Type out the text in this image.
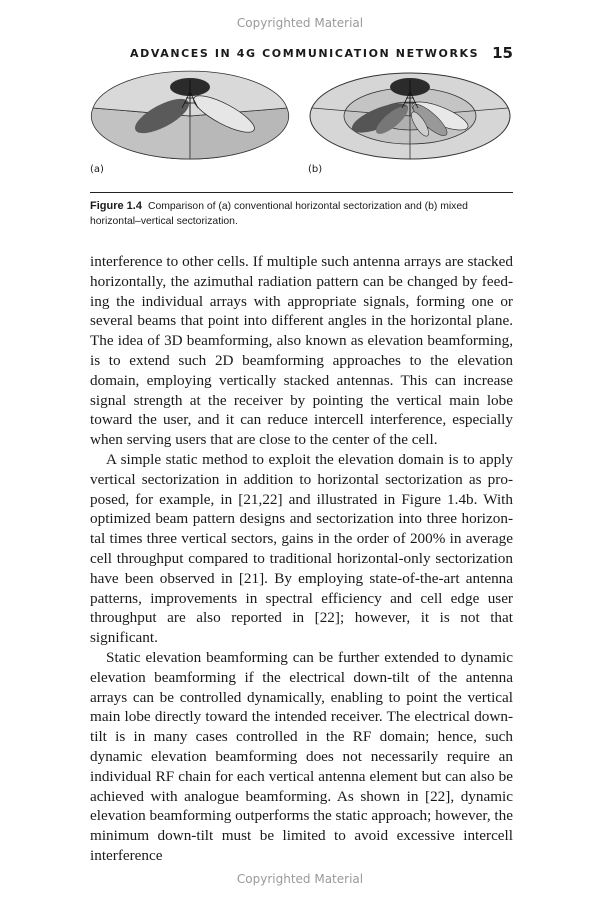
Copyrighted Material
ADVANCES IN 4G COMMUNICATION NETWORKS 15
(a)	(b)
Figure 1.4 Comparison of (a) conventional horizontal sectorization and (b) mixed horizontal–vertical sectorization.

interference to other cells. If multiple such antenna arrays are stacked horizontally, the azimuthal radiation pattern can be changed by feeding the individual arrays with appropriate signals, forming one or several beams that point into different angles in the horizontal plane. The idea of 3D beamforming, also known as elevation beamforming, is to extend such 2D beamforming approaches to the elevation domain, employing vertically stacked antennas. This can increase signal strength at the receiver by pointing the vertical main lobe toward the user, and it can reduce intercell interference, especially when serving users that are close to the center of the cell.

A simple static method to exploit the elevation domain is to apply vertical sectorization in addition to horizontal sectorization as proposed, for example, in [21,22] and illustrated in Figure 1.4b. With optimized beam pattern designs and sectorization into three horizontal times three vertical sectors, gains in the order of 200% in average cell throughput compared to traditional horizontal-only sectorization have been observed in [21]. By employing state-of-the-art antenna patterns, improvements in spectral efficiency and cell edge user throughput are also reported in [22]; however, it is not that significant.

Static elevation beamforming can be further extended to dynamic elevation beamforming if the electrical down-tilt of the antenna arrays can be controlled dynamically, enabling to point the vertical main lobe directly toward the intended receiver. The electrical down-tilt is in many cases controlled in the RF domain; hence, such dynamic elevation beamforming does not necessarily require an individual RF chain for each vertical antenna element but can also be achieved with analogue beamforming. As shown in [22], dynamic elevation beamforming outperforms the static approach; however, the minimum down-tilt must be limited to avoid excessive intercell interference

Copyrighted Material
